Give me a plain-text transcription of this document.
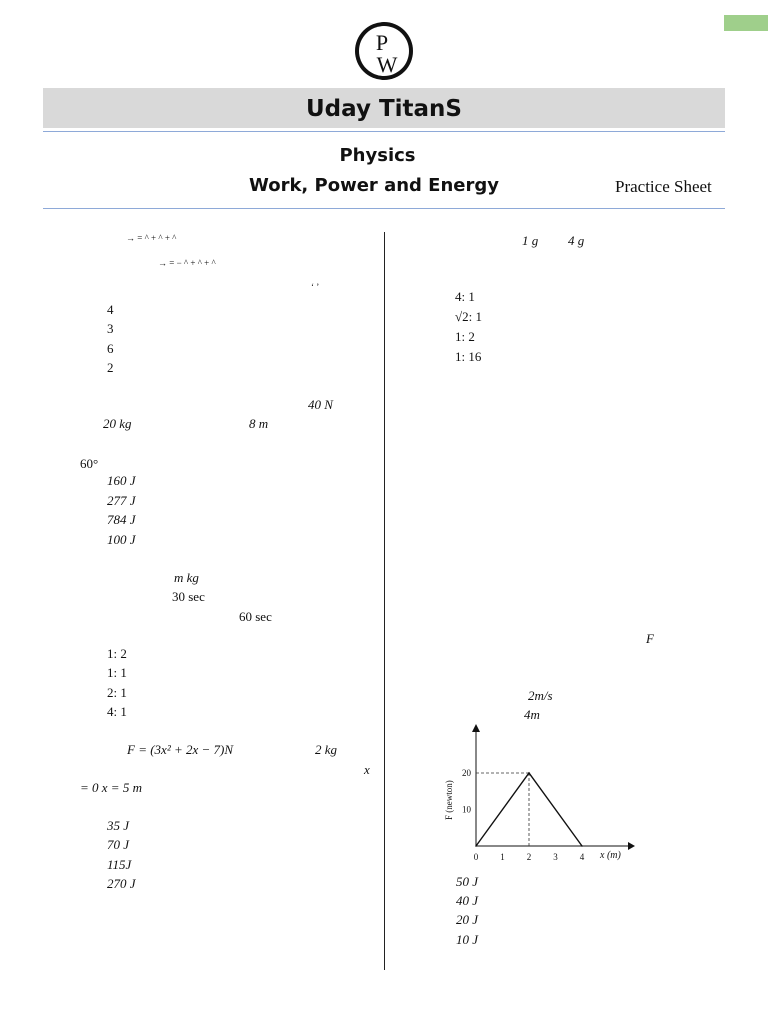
P
W
Uday TitanS
Physics
Work, Power and Energy	Practice Sheet
→ = ^ + ^ + ^
→ = − ^ + ^ + ^
‘ ’
4
3
6
2
40 N
20 kg	8 m
60°
160 J
277 J
784 J
100 J
m kg
30 sec
60 sec
1: 2
1: 1
2: 1
4: 1
F = (3x² + 2x − 7)N	2 kg
x
= 0 x = 5 m
35 J
70 J
115J
270 J
1 g 4 g
4: 1
√2: 1
1: 2
1: 16
F
2m/s
4m
0 1 2 3 4
10
20
F (newton)
x (m)
50 J
40 J
20 J
10 J
